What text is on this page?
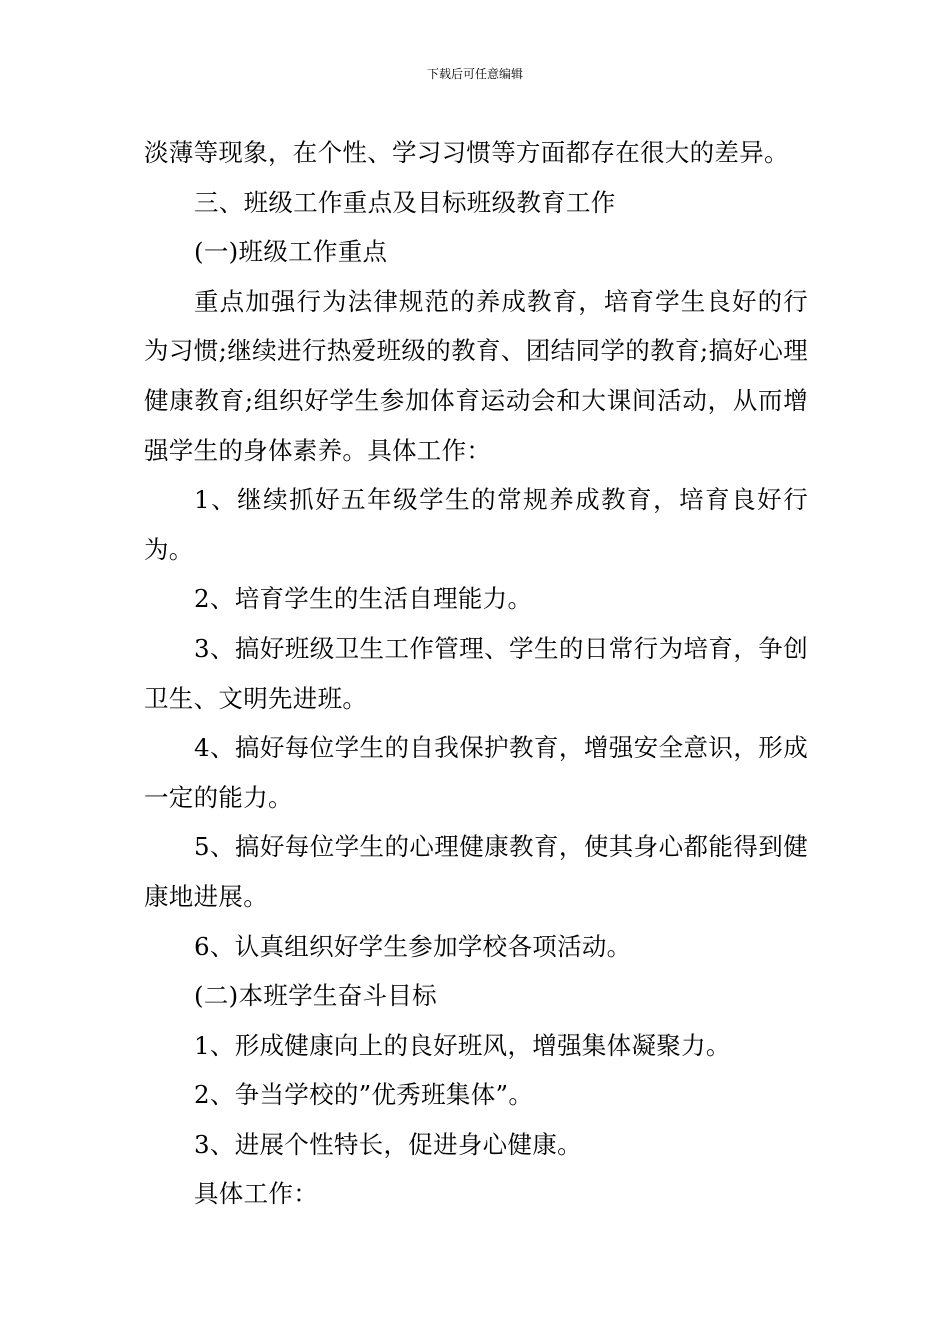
下载后可任意编辑

淡薄等现象，在个性、学习习惯等方面都存在很大的差异。

三、班级工作重点及目标班级教育工作

(一)班级工作重点

重点加强行为法律规范的养成教育，培育学生良好的行为习惯;继续进行热爱班级的教育、团结同学的教育;搞好心理健康教育;组织好学生参加体育运动会和大课间活动，从而增强学生的身体素养。具体工作：

1、继续抓好五年级学生的常规养成教育，培育良好行为。

2、培育学生的生活自理能力。

3、搞好班级卫生工作管理、学生的日常行为培育，争创卫生、文明先进班。

4、搞好每位学生的自我保护教育，增强安全意识，形成一定的能力。

5、搞好每位学生的心理健康教育，使其身心都能得到健康地进展。

6、认真组织好学生参加学校各项活动。

(二)本班学生奋斗目标

1、形成健康向上的良好班风，增强集体凝聚力。

2、争当学校的”优秀班集体”。

3、进展个性特长，促进身心健康。

具体工作：
